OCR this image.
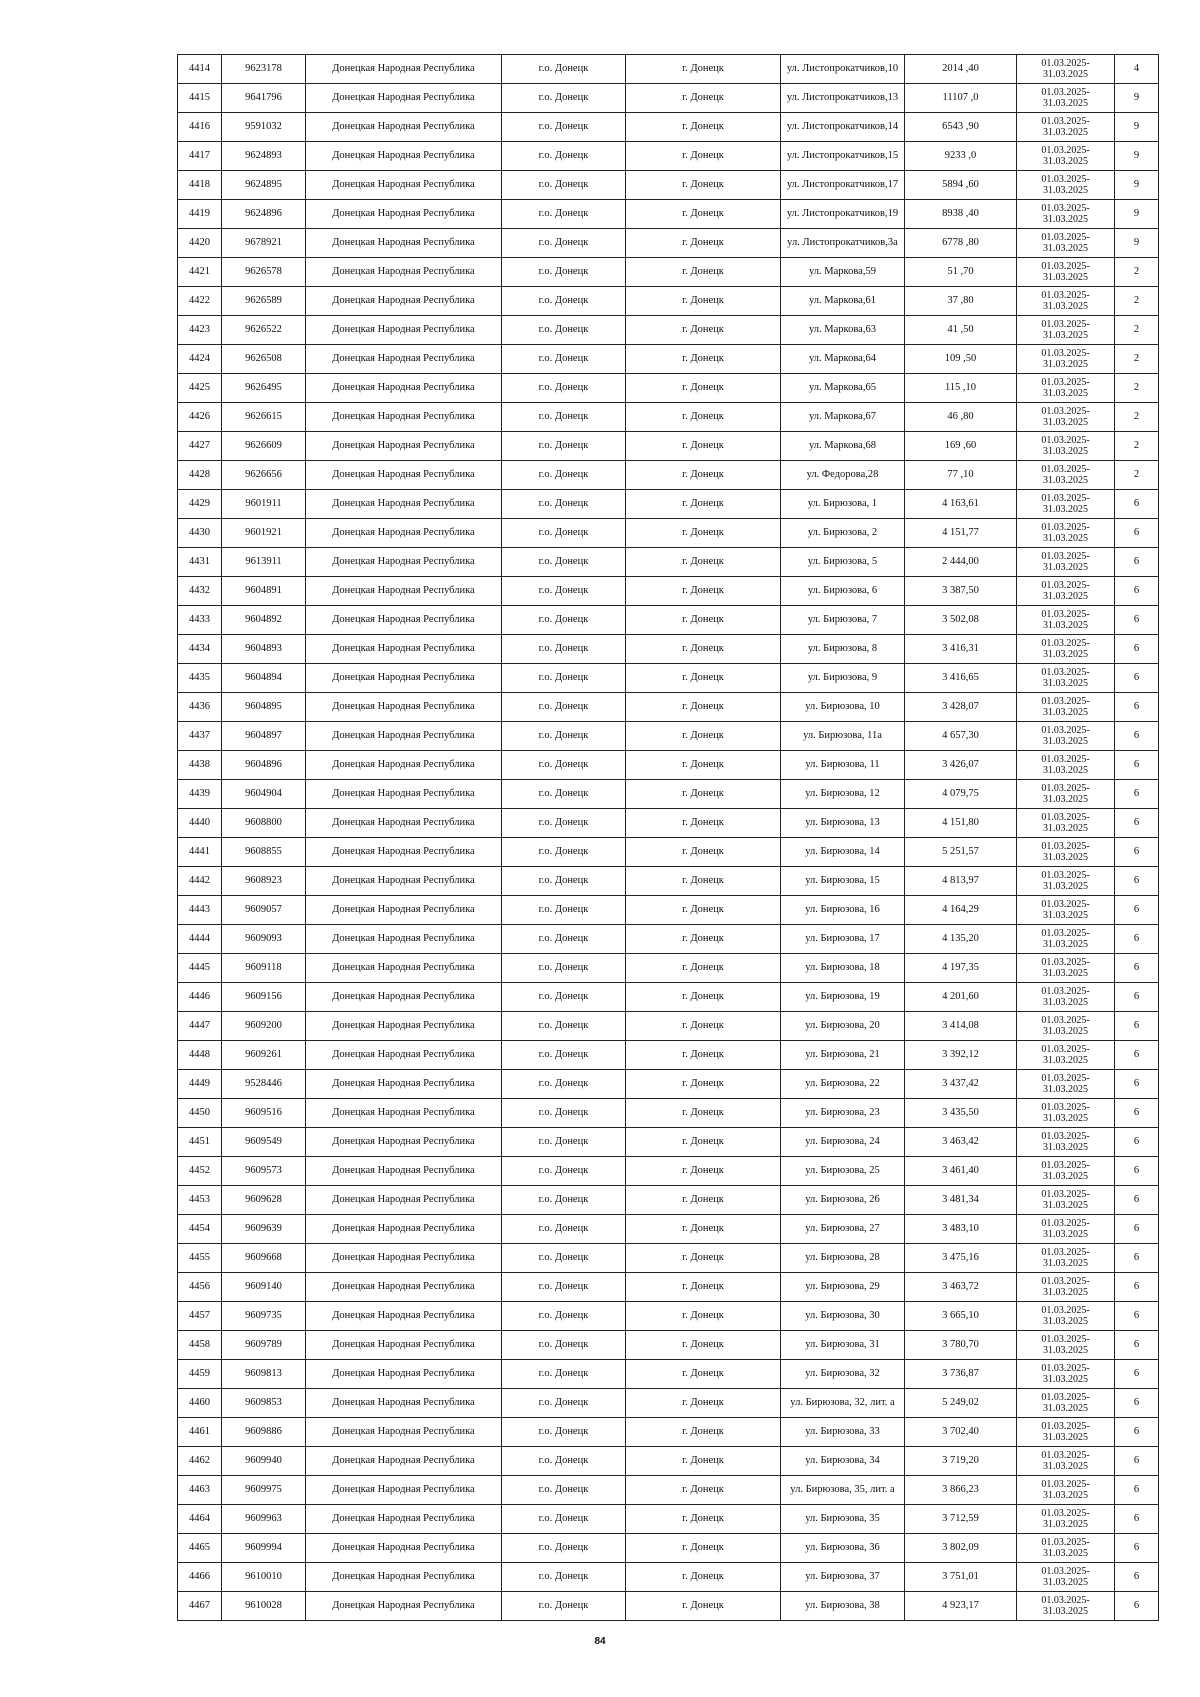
4414	9623178	Донецкая Народная Республика	г.о. Донецк	г. Донецк	ул. Листопрокатчиков,10	2014 ,40	01.03.2025-31.03.2025	4
4415	9641796	Донецкая Народная Республика	г.о. Донецк	г. Донецк	ул. Листопрокатчиков,13	11107 ,0	01.03.2025-31.03.2025	9
4416	9591032	Донецкая Народная Республика	г.о. Донецк	г. Донецк	ул. Листопрокатчиков,14	6543 ,90	01.03.2025-31.03.2025	9
4417	9624893	Донецкая Народная Республика	г.о. Донецк	г. Донецк	ул. Листопрокатчиков,15	9233 ,0	01.03.2025-31.03.2025	9
4418	9624895	Донецкая Народная Республика	г.о. Донецк	г. Донецк	ул. Листопрокатчиков,17	5894 ,60	01.03.2025-31.03.2025	9
4419	9624896	Донецкая Народная Республика	г.о. Донецк	г. Донецк	ул. Листопрокатчиков,19	8938 ,40	01.03.2025-31.03.2025	9
4420	9678921	Донецкая Народная Республика	г.о. Донецк	г. Донецк	ул. Листопрокатчиков,3а	6778 ,80	01.03.2025-31.03.2025	9
4421	9626578	Донецкая Народная Республика	г.о. Донецк	г. Донецк	ул. Маркова,59	51 ,70	01.03.2025-31.03.2025	2
4422	9626589	Донецкая Народная Республика	г.о. Донецк	г. Донецк	ул. Маркова,61	37 ,80	01.03.2025-31.03.2025	2
4423	9626522	Донецкая Народная Республика	г.о. Донецк	г. Донецк	ул. Маркова,63	41 ,50	01.03.2025-31.03.2025	2
4424	9626508	Донецкая Народная Республика	г.о. Донецк	г. Донецк	ул. Маркова,64	109 ,50	01.03.2025-31.03.2025	2
4425	9626495	Донецкая Народная Республика	г.о. Донецк	г. Донецк	ул. Маркова,65	115 ,10	01.03.2025-31.03.2025	2
4426	9626615	Донецкая Народная Республика	г.о. Донецк	г. Донецк	ул. Маркова,67	46 ,80	01.03.2025-31.03.2025	2
4427	9626609	Донецкая Народная Республика	г.о. Донецк	г. Донецк	ул. Маркова,68	169 ,60	01.03.2025-31.03.2025	2
4428	9626656	Донецкая Народная Республика	г.о. Донецк	г. Донецк	ул. Федорова,28	77 ,10	01.03.2025-31.03.2025	2
4429	9601911	Донецкая Народная Республика	г.о. Донецк	г. Донецк	ул. Бирюзова, 1	4 163,61	01.03.2025-31.03.2025	6
4430	9601921	Донецкая Народная Республика	г.о. Донецк	г. Донецк	ул. Бирюзова, 2	4 151,77	01.03.2025-31.03.2025	6
4431	9613911	Донецкая Народная Республика	г.о. Донецк	г. Донецк	ул. Бирюзова, 5	2 444,00	01.03.2025-31.03.2025	6
4432	9604891	Донецкая Народная Республика	г.о. Донецк	г. Донецк	ул. Бирюзова, 6	3 387,50	01.03.2025-31.03.2025	6
4433	9604892	Донецкая Народная Республика	г.о. Донецк	г. Донецк	ул. Бирюзова, 7	3 502,08	01.03.2025-31.03.2025	6
4434	9604893	Донецкая Народная Республика	г.о. Донецк	г. Донецк	ул. Бирюзова, 8	3 416,31	01.03.2025-31.03.2025	6
4435	9604894	Донецкая Народная Республика	г.о. Донецк	г. Донецк	ул. Бирюзова, 9	3 416,65	01.03.2025-31.03.2025	6
4436	9604895	Донецкая Народная Республика	г.о. Донецк	г. Донецк	ул. Бирюзова, 10	3 428,07	01.03.2025-31.03.2025	6
4437	9604897	Донецкая Народная Республика	г.о. Донецк	г. Донецк	ул. Бирюзова, 11а	4 657,30	01.03.2025-31.03.2025	6
4438	9604896	Донецкая Народная Республика	г.о. Донецк	г. Донецк	ул. Бирюзова, 11	3 426,07	01.03.2025-31.03.2025	6
4439	9604904	Донецкая Народная Республика	г.о. Донецк	г. Донецк	ул. Бирюзова, 12	4 079,75	01.03.2025-31.03.2025	6
4440	9608800	Донецкая Народная Республика	г.о. Донецк	г. Донецк	ул. Бирюзова, 13	4 151,80	01.03.2025-31.03.2025	6
4441	9608855	Донецкая Народная Республика	г.о. Донецк	г. Донецк	ул. Бирюзова, 14	5 251,57	01.03.2025-31.03.2025	6
4442	9608923	Донецкая Народная Республика	г.о. Донецк	г. Донецк	ул. Бирюзова, 15	4 813,97	01.03.2025-31.03.2025	6
4443	9609057	Донецкая Народная Республика	г.о. Донецк	г. Донецк	ул. Бирюзова, 16	4 164,29	01.03.2025-31.03.2025	6
4444	9609093	Донецкая Народная Республика	г.о. Донецк	г. Донецк	ул. Бирюзова, 17	4 135,20	01.03.2025-31.03.2025	6
4445	9609118	Донецкая Народная Республика	г.о. Донецк	г. Донецк	ул. Бирюзова, 18	4 197,35	01.03.2025-31.03.2025	6
4446	9609156	Донецкая Народная Республика	г.о. Донецк	г. Донецк	ул. Бирюзова, 19	4 201,60	01.03.2025-31.03.2025	6
4447	9609200	Донецкая Народная Республика	г.о. Донецк	г. Донецк	ул. Бирюзова, 20	3 414,08	01.03.2025-31.03.2025	6
4448	9609261	Донецкая Народная Республика	г.о. Донецк	г. Донецк	ул. Бирюзова, 21	3 392,12	01.03.2025-31.03.2025	6
4449	9528446	Донецкая Народная Республика	г.о. Донецк	г. Донецк	ул. Бирюзова, 22	3 437,42	01.03.2025-31.03.2025	6
4450	9609516	Донецкая Народная Республика	г.о. Донецк	г. Донецк	ул. Бирюзова, 23	3 435,50	01.03.2025-31.03.2025	6
4451	9609549	Донецкая Народная Республика	г.о. Донецк	г. Донецк	ул. Бирюзова, 24	3 463,42	01.03.2025-31.03.2025	6
4452	9609573	Донецкая Народная Республика	г.о. Донецк	г. Донецк	ул. Бирюзова, 25	3 461,40	01.03.2025-31.03.2025	6
4453	9609628	Донецкая Народная Республика	г.о. Донецк	г. Донецк	ул. Бирюзова, 26	3 481,34	01.03.2025-31.03.2025	6
4454	9609639	Донецкая Народная Республика	г.о. Донецк	г. Донецк	ул. Бирюзова, 27	3 483,10	01.03.2025-31.03.2025	6
4455	9609668	Донецкая Народная Республика	г.о. Донецк	г. Донецк	ул. Бирюзова, 28	3 475,16	01.03.2025-31.03.2025	6
4456	9609140	Донецкая Народная Республика	г.о. Донецк	г. Донецк	ул. Бирюзова, 29	3 463,72	01.03.2025-31.03.2025	6
4457	9609735	Донецкая Народная Республика	г.о. Донецк	г. Донецк	ул. Бирюзова, 30	3 665,10	01.03.2025-31.03.2025	6
4458	9609789	Донецкая Народная Республика	г.о. Донецк	г. Донецк	ул. Бирюзова, 31	3 780,70	01.03.2025-31.03.2025	6
4459	9609813	Донецкая Народная Республика	г.о. Донецк	г. Донецк	ул. Бирюзова, 32	3 736,87	01.03.2025-31.03.2025	6
4460	9609853	Донецкая Народная Республика	г.о. Донецк	г. Донецк	ул. Бирюзова, 32, лит. а	5 249,02	01.03.2025-31.03.2025	6
4461	9609886	Донецкая Народная Республика	г.о. Донецк	г. Донецк	ул. Бирюзова, 33	3 702,40	01.03.2025-31.03.2025	6
4462	9609940	Донецкая Народная Республика	г.о. Донецк	г. Донецк	ул. Бирюзова, 34	3 719,20	01.03.2025-31.03.2025	6
4463	9609975	Донецкая Народная Республика	г.о. Донецк	г. Донецк	ул. Бирюзова, 35, лит. а	3 866,23	01.03.2025-31.03.2025	6
4464	9609963	Донецкая Народная Республика	г.о. Донецк	г. Донецк	ул. Бирюзова, 35	3 712,59	01.03.2025-31.03.2025	6
4465	9609994	Донецкая Народная Республика	г.о. Донецк	г. Донецк	ул. Бирюзова, 36	3 802,09	01.03.2025-31.03.2025	6
4466	9610010	Донецкая Народная Республика	г.о. Донецк	г. Донецк	ул. Бирюзова, 37	3 751,01	01.03.2025-31.03.2025	6
4467	9610028	Донецкая Народная Республика	г.о. Донецк	г. Донецк	ул. Бирюзова, 38	4 923,17	01.03.2025-31.03.2025	6
84
